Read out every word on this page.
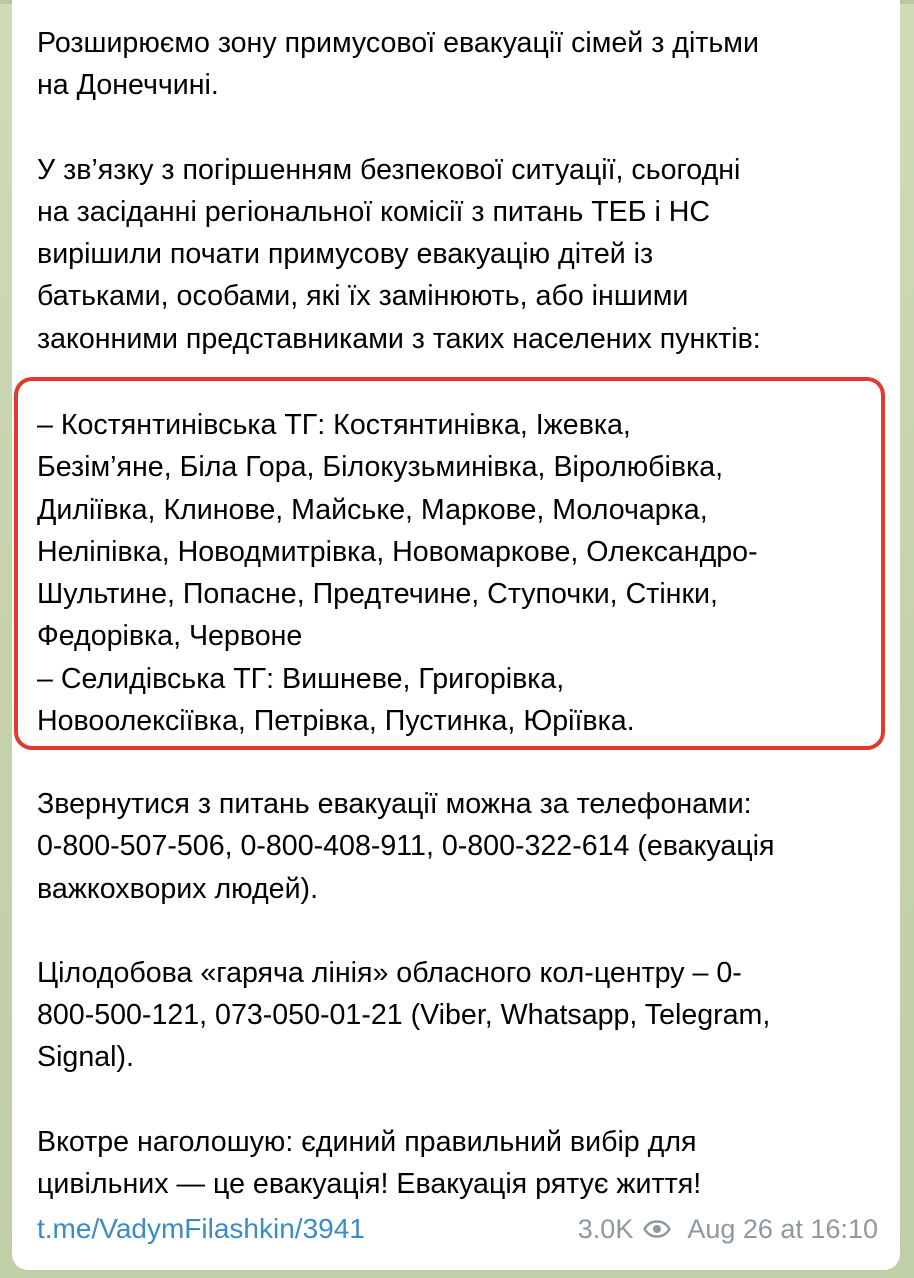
Розширюємо зону примусової евакуації сімей з дітьми

на Донеччині.

У зв’язку з погіршенням безпекової ситуації, сьогодні

на засіданні регіональної комісії з питань ТЕБ і НС

вирішили почати примусову евакуацію дітей із

батьками, особами, які їх замінюють, або іншими

законними представниками з таких населених пунктів:

– Костянтинівська ТГ: Костянтинівка, Іжевка,

Безім’яне, Біла Гора, Білокузьминівка, Віролюбівка,

Диліївка, Клинове, Майське, Маркове, Молочарка,

Неліпівка, Новодмитрівка, Новомаркове, Олександро-

Шультине, Попасне, Предтечине, Ступочки, Стінки,

Федорівка, Червоне

– Селидівська ТГ: Вишневе, Григорівка,

Новоолексіївка, Петрівка, Пустинка, Юріївка.

Звернутися з питань евакуації можна за телефонами:

0-800-507-506, 0-800-408-911, 0-800-322-614 (евакуація

важкохворих людей).

Цілодобова «гаряча лінія» обласного кол-центру – 0-

800-500-121, 073-050-01-21 (Viber, Whatsapp, Telegram,

Signal).

Вкотре наголошую: єдиний правильний вибір для

цивільних — це евакуація! Евакуація рятує життя!

t.me/VadymFilashkin/3941	3.0K Aug 26 at 16:10
